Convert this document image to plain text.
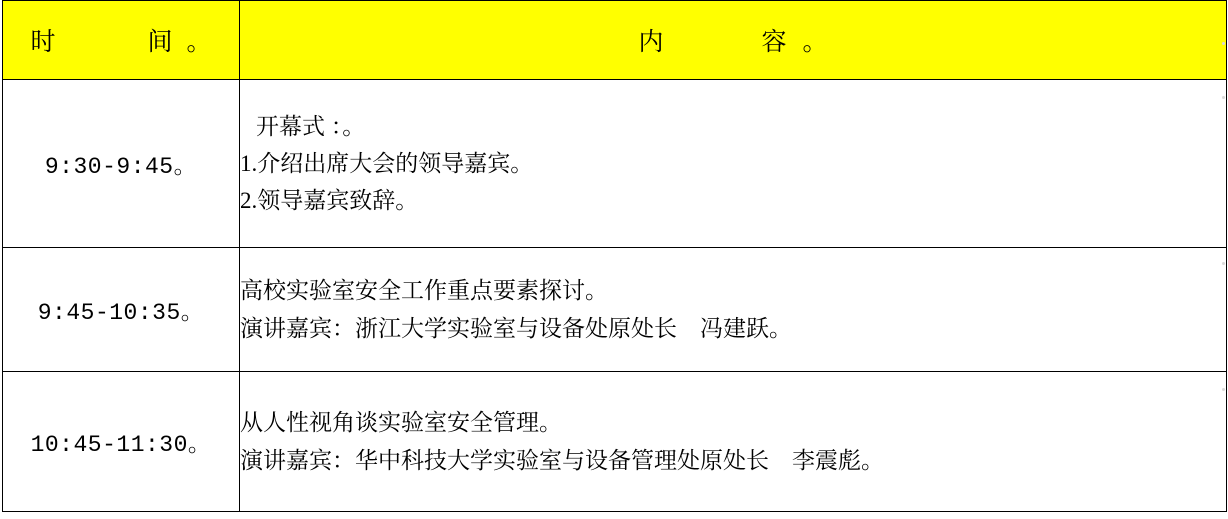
时　　间。	内　　容。

9:30-9:45。	开幕式 ：。
1.介绍出席大会的领导嘉宾。
2.领导嘉宾致辞。

9:45-10:35。	高校实验室安全工作重点要素探讨。
演讲嘉宾：浙江大学实验室与设备处原处长　冯建跃。

10:45-11:30。	从人性视角谈实验室安全管理。
演讲嘉宾：华中科技大学实验室与设备管理处原处长　李震彪。
